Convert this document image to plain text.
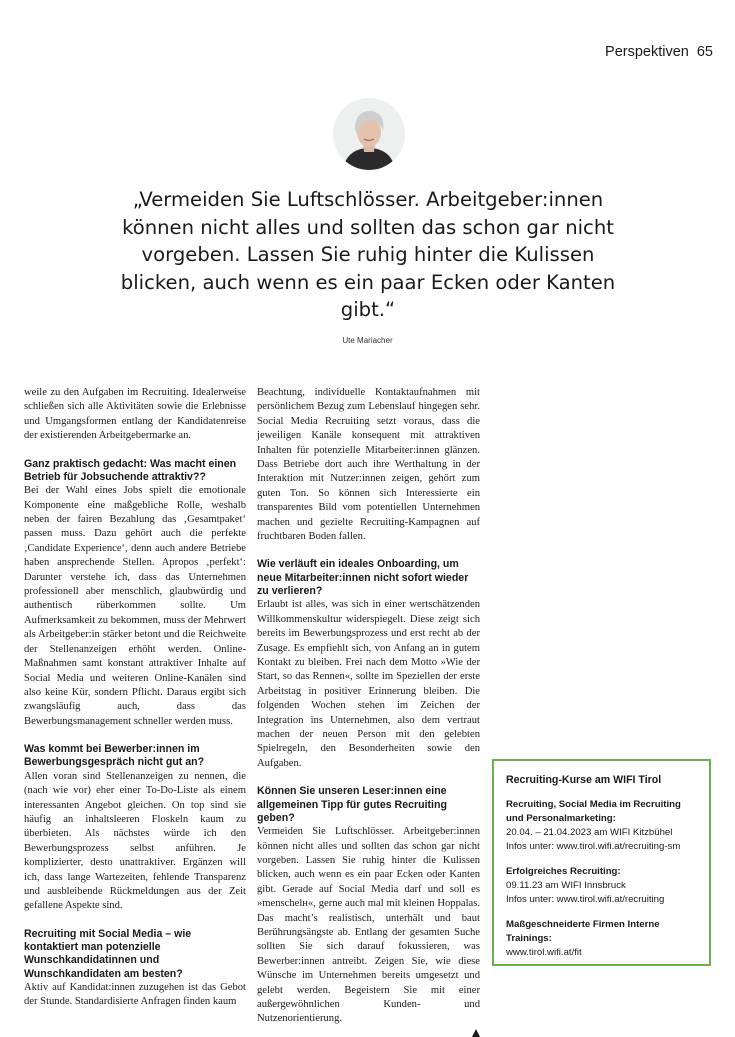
Perspektiven 65
„Vermeiden Sie Luftschlösser. Arbeitgeber:innen können nicht alles und sollten das schon gar nicht vorgeben. Lassen Sie ruhig hinter die Kulissen blicken, auch wenn es ein paar Ecken oder Kanten gibt.“
Ute Mariacher

weile zu den Aufgaben im Recruiting. Idealerweise schließen sich alle Aktivitäten sowie die Erlebnisse und Umgangsformen entlang der Kandidatenreise der existierenden Arbeitgebermarke an.

Ganz praktisch gedacht: Was macht einen Betrieb für Jobsuchende attraktiv??

Bei der Wahl eines Jobs spielt die emotionale Komponente eine maßgebliche Rolle, weshalb neben der fairen Bezahlung das ‚Gesamtpaket‘ passen muss. Dazu gehört auch die perfekte ‚Candidate Experience‘, denn auch andere Betriebe haben ansprechende Stellen. Apropos ‚perfekt‘: Darunter verstehe ich, dass das Unternehmen professionell aber menschlich, glaubwürdig und authentisch rüberkommen sollte. Um Aufmerksamkeit zu bekommen, muss der Mehrwert als Arbeitgeber:in stärker betont und die Reichweite der Stellenanzeigen erhöht werden. Online-Maßnahmen samt konstant attraktiver Inhalte auf Social Media und weiteren Online-Kanälen sind also keine Kür, sondern Pflicht. Daraus ergibt sich zwangsläufig auch, dass das Bewerbungsmanagement schneller werden muss.

Was kommt bei Bewerber:innen im Bewerbungsgespräch nicht gut an?

Allen voran sind Stellenanzeigen zu nennen, die (nach wie vor) eher einer To-Do-Liste als einem interessanten Angebot gleichen. On top sind sie häufig an inhaltsleeren Floskeln kaum zu überbieten. Als nächstes würde ich den Bewerbungsprozess selbst anführen. Je komplizierter, desto unattraktiver. Ergänzen will ich, dass lange Wartezeiten, fehlende Transparenz und ausbleibende Rückmeldungen aus der Zeit gefallene Aspekte sind.

Recruiting mit Social Media – wie kontaktiert man potenzielle Wunschkandidatinnen und Wunschkandidaten am besten?

Aktiv auf Kandidat:innen zuzugehen ist das Gebot der Stunde. Standardisierte Anfragen finden kaum

Beachtung, individuelle Kontaktaufnahmen mit persönlichem Bezug zum Lebenslauf hingegen sehr. Social Media Recruiting setzt voraus, dass die jeweiligen Kanäle konsequent mit attraktiven Inhalten für potenzielle Mitarbeiter:innen glänzen. Dass Betriebe dort auch ihre Werthaltung in der Interaktion mit Nutzer:innen zeigen, gehört zum guten Ton. So können sich Interessierte ein transparentes Bild vom potentiellen Unternehmen machen und gezielte Recruiting-Kampagnen auf fruchtbaren Boden fallen.

Wie verläuft ein ideales Onboarding, um neue Mitarbeiter:innen nicht sofort wieder zu verlieren?

Erlaubt ist alles, was sich in einer wertschätzenden Willkommenskultur widerspiegelt. Diese zeigt sich bereits im Bewerbungsprozess und erst recht ab der Zusage. Es empfiehlt sich, von Anfang an in gutem Kontakt zu bleiben. Frei nach dem Motto »Wie der Start, so das Rennen«, sollte im Speziellen der erste Arbeitstag in positiver Erinnerung bleiben. Die folgenden Wochen stehen im Zeichen der Integration ins Unternehmen, also dem vertraut machen der neuen Person mit den gelebten Spielregeln, den Besonderheiten sowie den Aufgaben.

Können Sie unseren Leser:innen eine allgemeinen Tipp für gutes Recruiting geben?

Vermeiden Sie Luftschlösser. Arbeitgeber:innen können nicht alles und sollten das schon gar nicht vorgeben. Lassen Sie ruhig hinter die Kulissen blicken, auch wenn es ein paar Ecken oder Kanten gibt. Gerade auf Social Media darf und soll es »menschelн«, gerne auch mal mit kleinen Hoppalas. Das macht’s realistisch, unterhält und baut Berührungsängste ab. Entlang der gesamten Suche sollten Sie sich darauf fokussieren, was Bewerber:innen antreibt. Zeigen Sie, wie diese Wünsche im Unternehmen bereits umgesetzt und gelebt werden. Begeistern Sie mit einer außergewöhnlichen Kunden- und Nutzenorientierung.

Recruiting-Kurse am WIFI Tirol
Recruiting, Social Media im Recruiting und Personalmarketing:
20.04. – 21.04.2023 am WIFI Kitzbühel
Infos unter: www.tirol.wifi.at/recruiting-sm
Erfolgreiches Recruiting:
09.11.23 am WIFI Innsbruck
Infos unter: www.tirol.wifi.at/recruiting
Maßgeschneiderte Firmen Interne Trainings:
www.tirol.wifi.at/fit
